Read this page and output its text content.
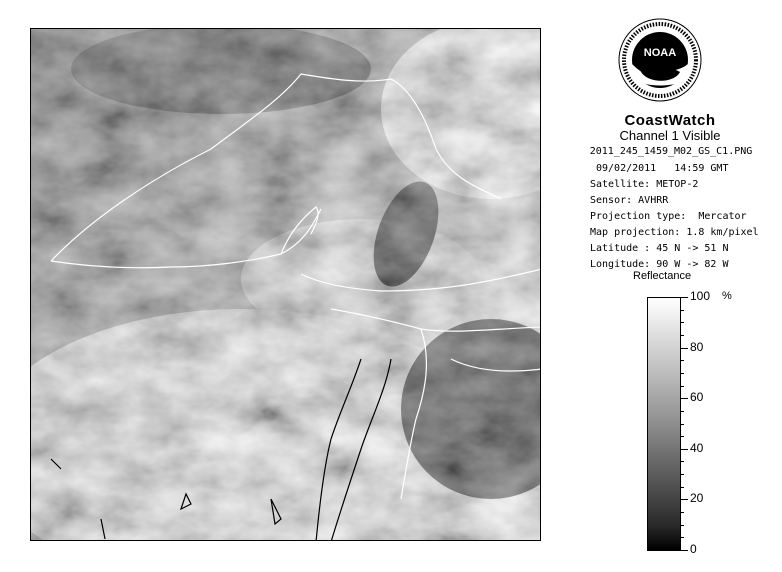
NOAA
CoastWatch
Channel 1 Visible
2011_245_1459_M02_GS_C1.PNG
09/02/2011 14:59 GMT
Satellite: METOP-2
Sensor: AVHRR
Projection type:  Mercator
Map projection: 1.8 km/pixel
Latitude : 45 N -> 51 N
Longitude: 90 W -> 82 W
Reflectance
%
100
80
60
40
20
0
